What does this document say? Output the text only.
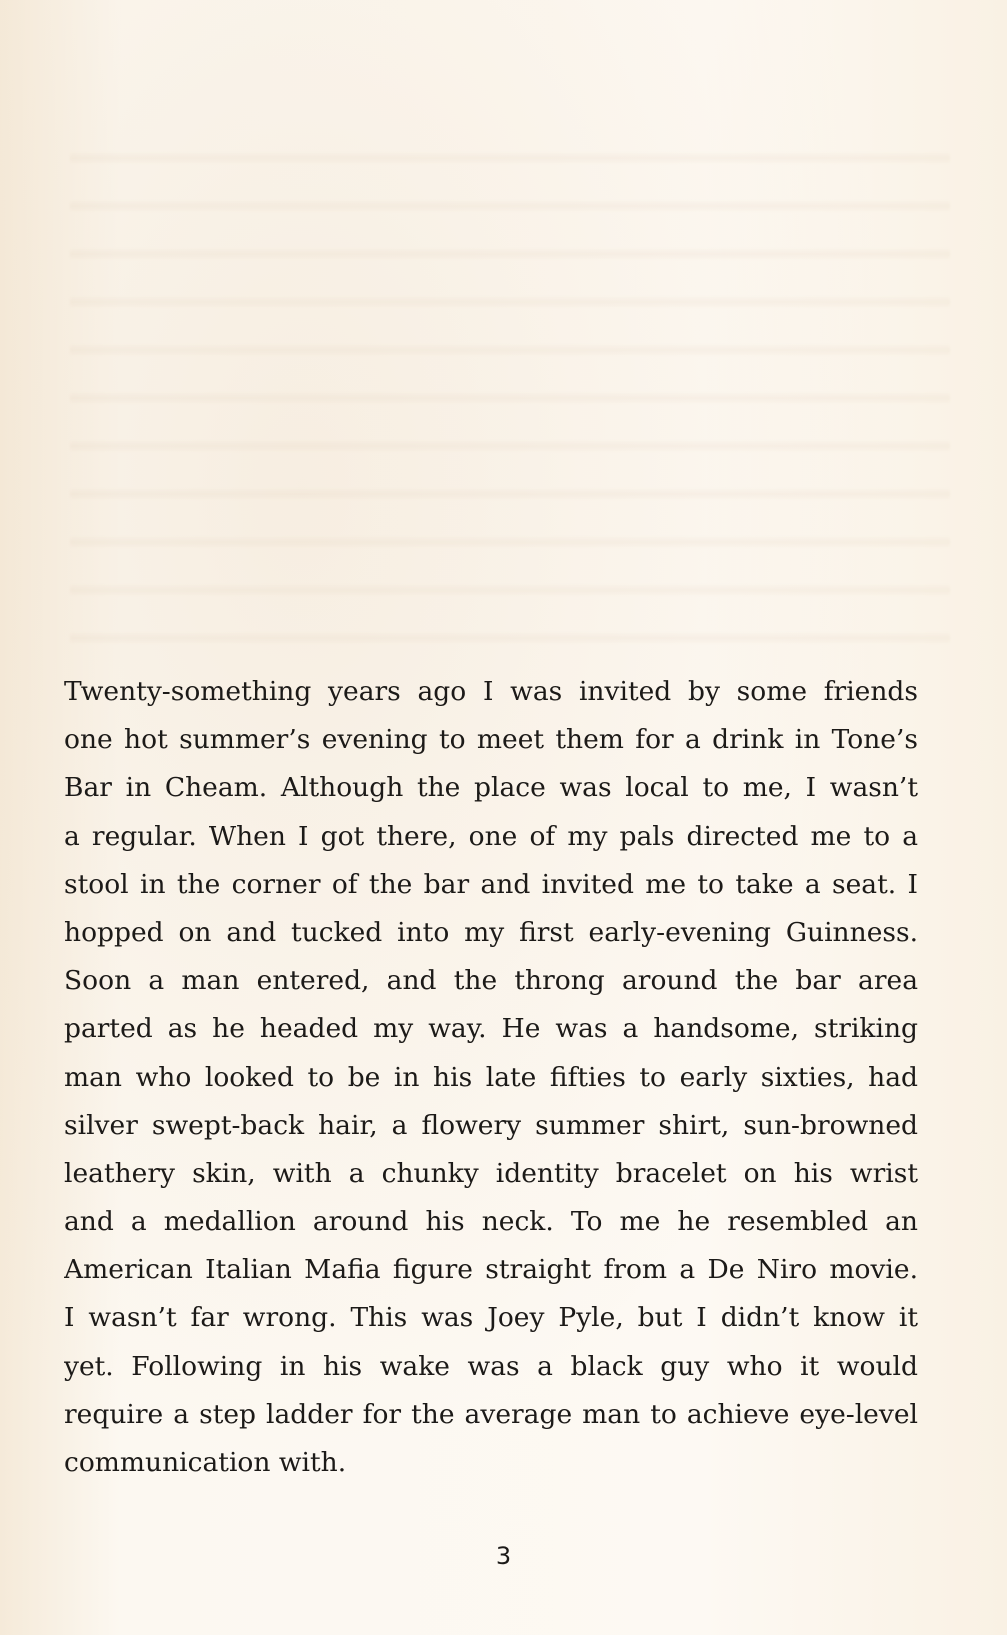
Twenty-something years ago I was invited by some friends
one hot summer’s evening to meet them for a drink in Tone’s
Bar in Cheam. Although the place was local to me, I wasn’t
a regular. When I got there, one of my pals directed me to a
stool in the corner of the bar and invited me to take a seat. I
hopped on and tucked into my first early-evening Guinness.
Soon a man entered, and the throng around the bar area
parted as he headed my way. He was a handsome, striking
man who looked to be in his late fifties to early sixties, had
silver swept-back hair, a flowery summer shirt, sun-browned
leathery skin, with a chunky identity bracelet on his wrist
and a medallion around his neck. To me he resembled an
American Italian Mafia figure straight from a De Niro movie.
I wasn’t far wrong. This was Joey Pyle, but I didn’t know it
yet. Following in his wake was a black guy who it would
require a step ladder for the average man to achieve eye-level
communication with.
3
